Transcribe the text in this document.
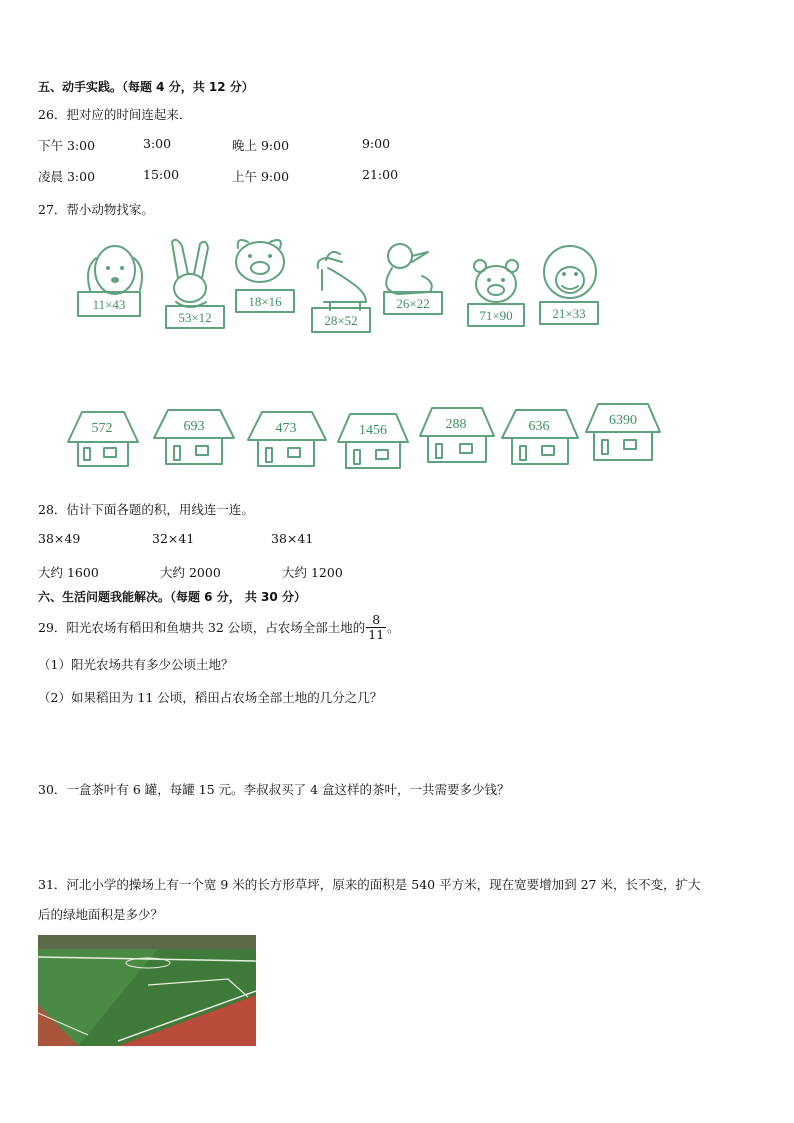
五、动手实践。（每题 4 分，共 12 分）
26．把对应的时间连起来．
下午 3:00	3:00	晚上 9:00	9:00
凌晨 3:00	15:00	上午 9:00	21:00
27．帮小动物找家。
11×43
53×12
18×16
28×52
26×22
71×90	21×33
572	693	473	1456	288	636	6390
28．估计下面各题的积，用线连一连。
38×49	32×41	38×41
大约 1600	大约 2000	大约 1200
六、生活问题我能解决。（每题 6 分， 共 30 分）
29．阳光农场有稻田和鱼塘共 32 公顷，占农场全部土地的 $\frac{8}{11}$ 。
（1）阳光农场共有多少公顷土地？
（2）如果稻田为 11 公顷，稻田占农场全部土地的几分之几？
30．一盒茶叶有 6 罐，每罐 15 元。李叔叔买了 4 盒这样的茶叶，一共需要多少钱？
31．河北小学的操场上有一个宽 9 米的长方形草坪，原来的面积是 540 平方米，现在宽要增加到 27 米，长不变，扩大
后的绿地面积是多少？
